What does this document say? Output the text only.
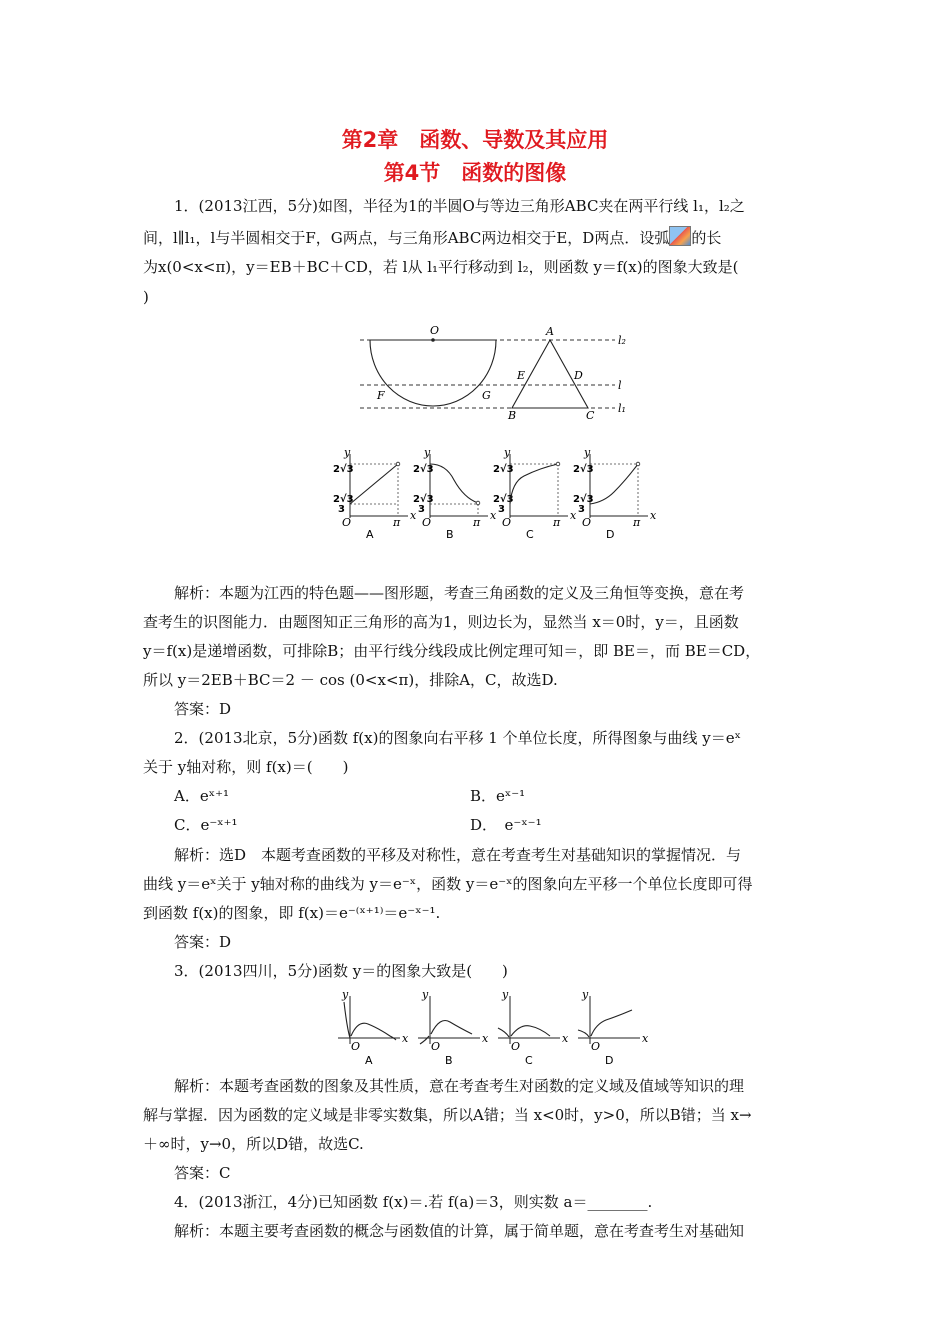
第2章　函数、导数及其应用
第4节　函数的图像
1．(2013江西，5分)如图，半径为1的半圆O与等边三角形ABC夹在两平行线 l₁，l₂之
间，l∥l₁，l与半圆相交于F，G两点，与三角形ABC两边相交于E，D两点．设弧 的长
为x(0<x<π)，y＝EB＋BC＋CD，若 l从 l₁平行移动到 l₂，则函数 y＝f(x)的图象大致是(
)
O	A
B	C
D
E
F	G
l₂
l
l₁
y
x
O	π
2√3
2√3
3
A
y
x
O	π
2√3
2√3
3
B
y
x
O	π
2√3
2√3
3
C
y
x
O	π
2√3
2√3
3
D
解析：本题为江西的特色题——图形题，考查三角函数的定义及三角恒等变换，意在考
查考生的识图能力．由题图知正三角形的高为1，则边长为，显然当 x＝0时，y＝，且函数
y＝f(x)是递增函数，可排除B；由平行线分线段成比例定理可知＝，即 BE＝，而 BE＝CD，
所以 y＝2EB＋BC＝2 － cos (0<x<π)，排除A，C，故选D.
答案：D
2．(2013北京，5分)函数 f(x)的图象向右平移 1 个单位长度，所得图象与曲线 y＝eˣ
关于 y轴对称，则 f(x)＝(　　)
A．eˣ⁺¹	B．eˣ⁻¹
C．e⁻ˣ⁺¹	D．　e⁻ˣ⁻¹
解析：选D　本题考查函数的平移及对称性，意在考查考生对基础知识的掌握情况．与
曲线 y＝eˣ关于 y轴对称的曲线为 y＝e⁻ˣ，函数 y＝e⁻ˣ的图象向左平移一个单位长度即可得
到函数 f(x)的图象，即 f(x)＝e⁻⁽ˣ⁺¹⁾＝e⁻ˣ⁻¹.
答案：D
3．(2013四川，5分)函数 y＝的图象大致是(　　)
y
x
O
A
y
x
O
B
y
x
O
C
y
x
O
D
解析：本题考查函数的图象及其性质，意在考查考生对函数的定义域及值域等知识的理
解与掌握．因为函数的定义域是非零实数集，所以A错；当 x<0时，y>0，所以B错；当 x→
＋∞时，y→0，所以D错，故选C.
答案：C
4．(2013浙江，4分)已知函数 f(x)＝.若 f(a)＝3，则实数 a＝________.
解析：本题主要考查函数的概念与函数值的计算，属于简单题，意在考查考生对基础知
